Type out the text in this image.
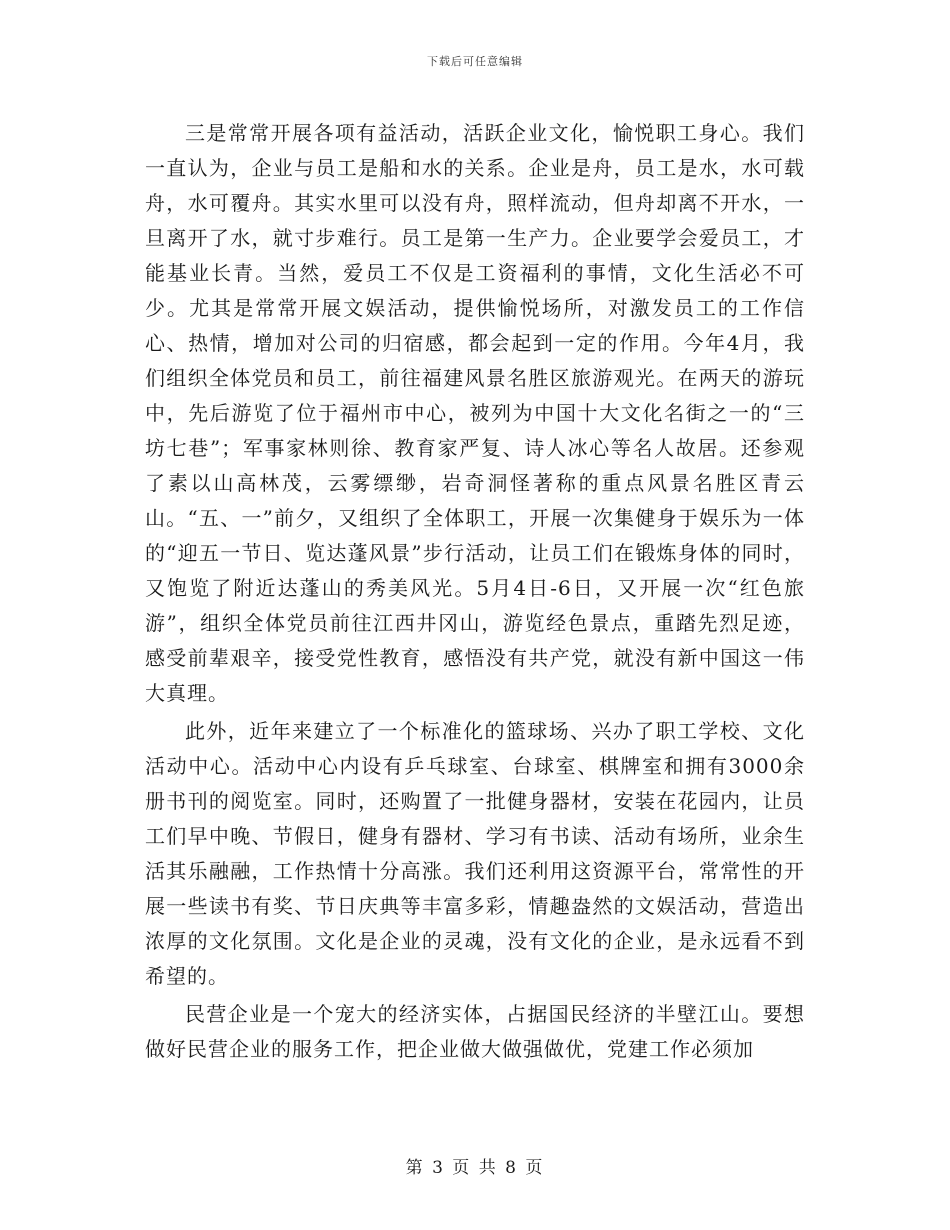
下载后可任意编辑

三是常常开展各项有益活动，活跃企业文化，愉悦职工身心。我们一直认为，企业与员工是船和水的关系。企业是舟，员工是水，水可载舟，水可覆舟。其实水里可以没有舟，照样流动，但舟却离不开水，一旦离开了水，就寸步难行。员工是第一生产力。企业要学会爱员工，才能基业长青。当然，爱员工不仅是工资福利的事情，文化生活必不可少。尤其是常常开展文娱活动，提供愉悦场所，对激发员工的工作信心、热情，增加对公司的归宿感，都会起到一定的作用。今年4月，我们组织全体党员和员工，前往福建风景名胜区旅游观光。在两天的游玩中，先后游览了位于福州市中心，被列为中国十大文化名街之一的“三坊七巷”；军事家林则徐、教育家严复、诗人冰心等名人故居。还参观了素以山高林茂，云雾缥缈，岩奇洞怪著称的重点风景名胜区青云山。“五、一”前夕，又组织了全体职工，开展一次集健身于娱乐为一体的“迎五一节日、览达蓬风景”步行活动，让员工们在锻炼身体的同时，又饱览了附近达蓬山的秀美风光。5月4日-6日，又开展一次“红色旅游”，组织全体党员前往江西井冈山，游览经色景点，重踏先烈足迹，感受前辈艰辛，接受党性教育，感悟没有共产党，就没有新中国这一伟大真理。

此外，近年来建立了一个标准化的篮球场、兴办了职工学校、文化活动中心。活动中心内设有乒乓球室、台球室、棋牌室和拥有3000余册书刊的阅览室。同时，还购置了一批健身器材，安装在花园内，让员工们早中晚、节假日，健身有器材、学习有书读、活动有场所，业余生活其乐融融，工作热情十分高涨。我们还利用这资源平台，常常性的开展一些读书有奖、节日庆典等丰富多彩，情趣盎然的文娱活动，营造出浓厚的文化氛围。文化是企业的灵魂，没有文化的企业，是永远看不到希望的。

民营企业是一个宠大的经济实体，占据国民经济的半壁江山。要想做好民营企业的服务工作，把企业做大做强做优，党建工作必须加

第 3 页 共 8 页
